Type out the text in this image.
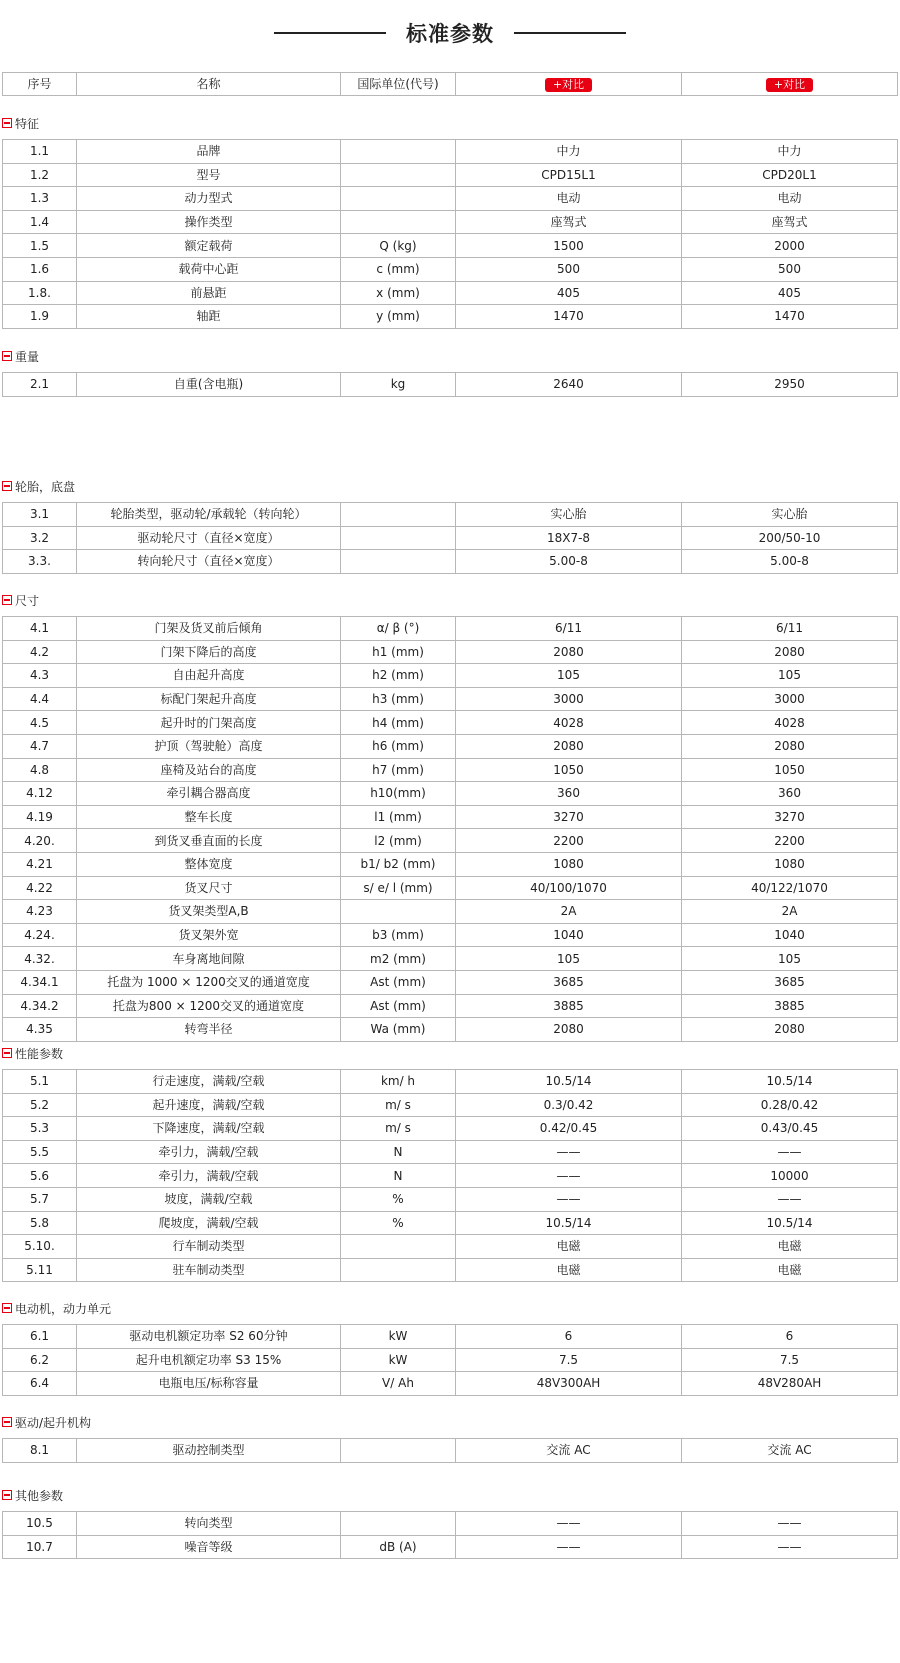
标准参数
序号	名称	国际单位(代号)	+对比	+对比
特征
1.1	品牌		中力	中力
1.2	型号		CPD15L1	CPD20L1
1.3	动力型式		电动	电动
1.4	操作类型		座驾式	座驾式
1.5	额定载荷	Q (kg)	1500	2000
1.6	载荷中心距	c (mm)	500	500
1.8.	前悬距	x (mm)	405	405
1.9	轴距	y (mm)	1470	1470
重量
2.1	自重(含电瓶)	kg	2640	2950
轮胎，底盘
3.1	轮胎类型，驱动轮/承载轮（转向轮）		实心胎	实心胎
3.2	驱动轮尺寸（直径×宽度）		18X7-8	200/50-10
3.3.	转向轮尺寸（直径×宽度）		5.00-8	5.00-8
尺寸
4.1	门架及货叉前后倾角	α/ β (°)	6/11	6/11
4.2	门架下降后的高度	h1 (mm)	2080	2080
4.3	自由起升高度	h2 (mm)	105	105
4.4	标配门架起升高度	h3 (mm)	3000	3000
4.5	起升时的门架高度	h4 (mm)	4028	4028
4.7	护顶（驾驶舱）高度	h6 (mm)	2080	2080
4.8	座椅及站台的高度	h7 (mm)	1050	1050
4.12	牵引耦合器高度	h10(mm)	360	360
4.19	整车长度	l1 (mm)	3270	3270
4.20.	到货叉垂直面的长度	l2 (mm)	2200	2200
4.21	整体宽度	b1/ b2 (mm)	1080	1080
4.22	货叉尺寸	s/ e/ l (mm)	40/100/1070	40/122/1070
4.23	货叉架类型A,B		2A	2A
4.24.	货叉架外宽	b3 (mm)	1040	1040
4.32.	车身离地间隙	m2 (mm)	105	105
4.34.1	托盘为 1000 × 1200交叉的通道宽度	Ast (mm)	3685	3685
4.34.2	托盘为800 × 1200交叉的通道宽度	Ast (mm)	3885	3885
4.35	转弯半径	Wa (mm)	2080	2080
性能参数
5.1	行走速度，满载/空载	km/ h	10.5/14	10.5/14
5.2	起升速度，满载/空载	m/ s	0.3/0.42	0.28/0.42
5.3	下降速度，满载/空载	m/ s	0.42/0.45	0.43/0.45
5.5	牵引力，满载/空载	N	——	——
5.6	牵引力，满载/空载	N	——	10000
5.7	坡度，满载/空载	%	——	——
5.8	爬坡度，满载/空载	%	10.5/14	10.5/14
5.10.	行车制动类型		电磁	电磁
5.11	驻车制动类型		电磁	电磁
电动机，动力单元
6.1	驱动电机额定功率 S2 60分钟	kW	6	6
6.2	起升电机额定功率 S3 15%	kW	7.5	7.5
6.4	电瓶电压/标称容量	V/ Ah	48V300AH	48V280AH
驱动/起升机构
8.1	驱动控制类型		交流 AC	交流 AC
其他参数
10.5	转向类型		——	——
10.7	噪音等级	dB (A)	——	——
